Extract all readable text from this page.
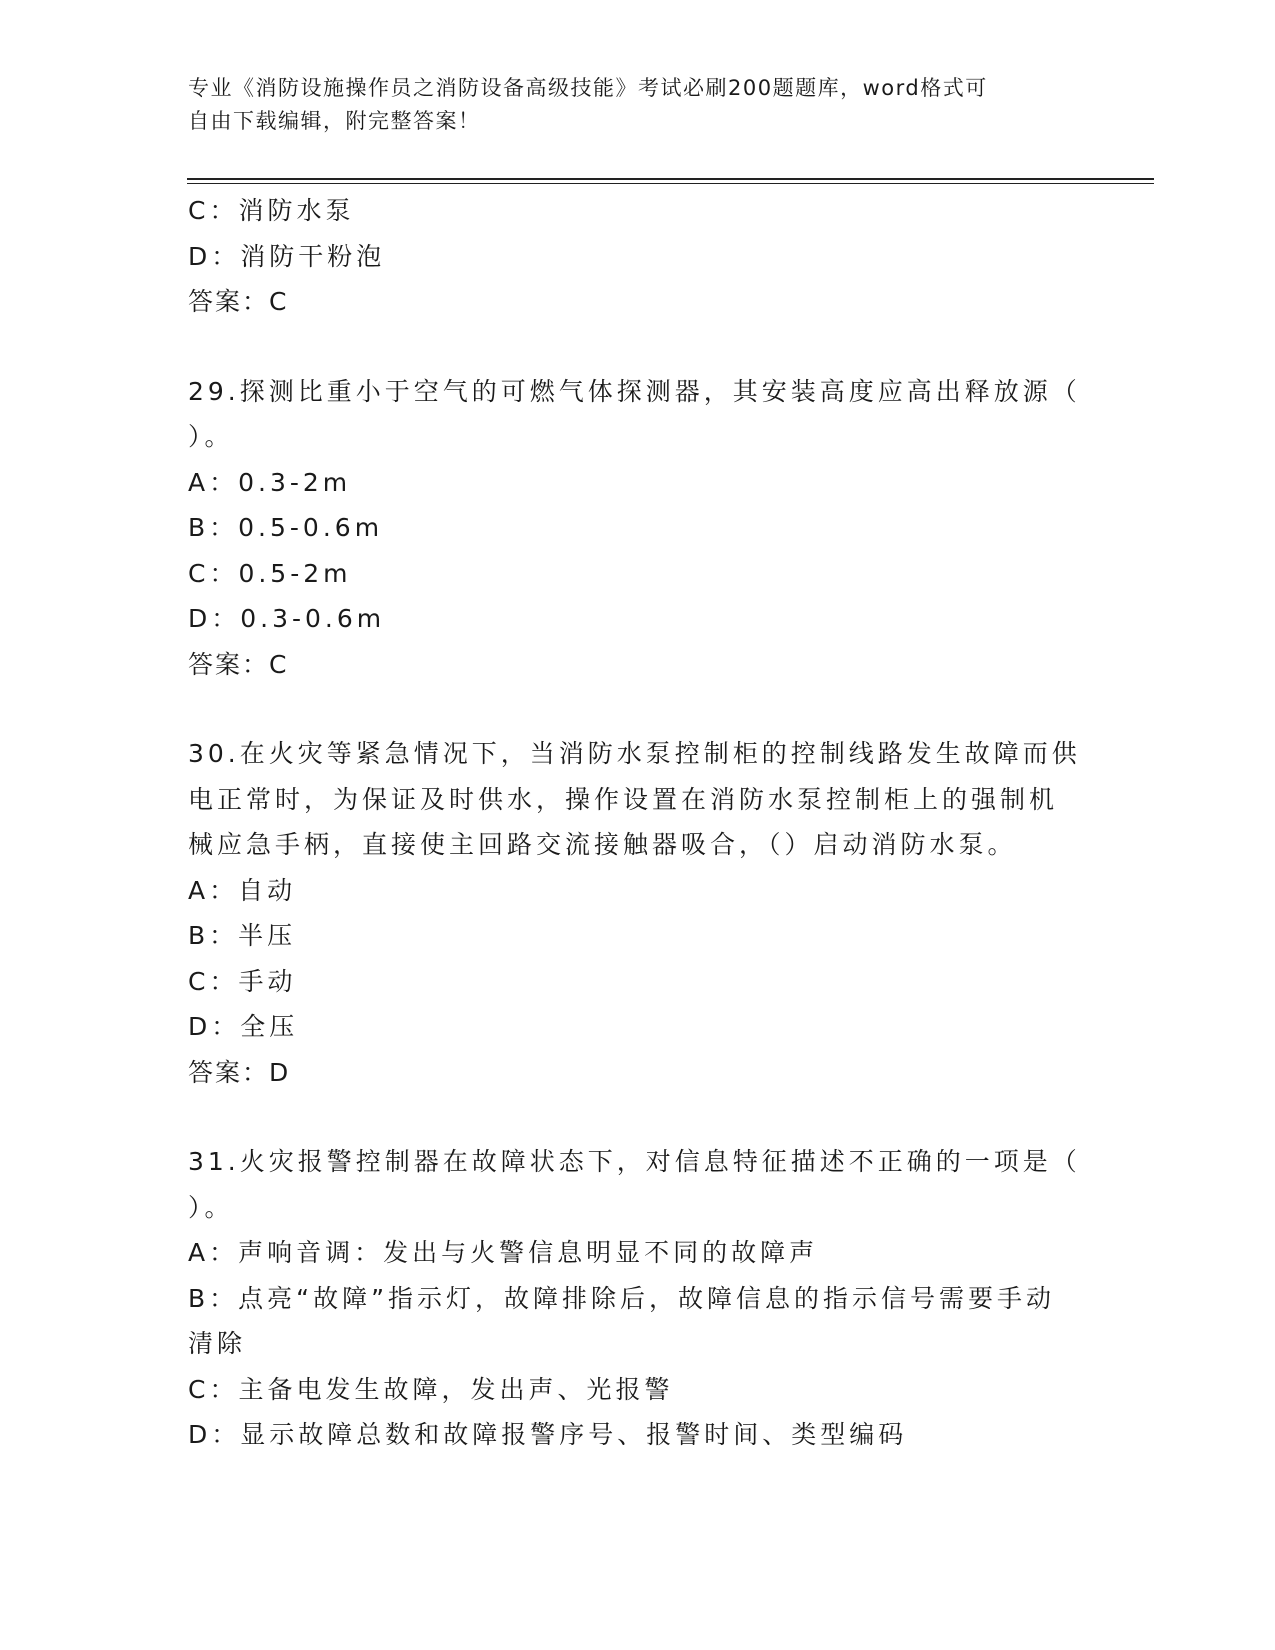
专业《消防设施操作员之消防设备高级技能》考试必刷200题题库，word格式可
自由下载编辑，附完整答案！
C：消防水泵
D：消防干粉泡
答案：C
29.探测比重小于空气的可燃气体探测器，其安装高度应高出释放源（
）。
A：0.3-2m
B：0.5-0.6m
C：0.5-2m
D：0.3-0.6m
答案：C
30.在火灾等紧急情况下，当消防水泵控制柜的控制线路发生故障而供
电正常时，为保证及时供水，操作设置在消防水泵控制柜上的强制机
械应急手柄，直接使主回路交流接触器吸合，（）启动消防水泵。
A：自动
B：半压
C：手动
D：全压
答案：D
31.火灾报警控制器在故障状态下，对信息特征描述不正确的一项是（
）。
A：声响音调：发出与火警信息明显不同的故障声
B：点亮“故障”指示灯，故障排除后，故障信息的指示信号需要手动
清除
C：主备电发生故障，发出声、光报警
D：显示故障总数和故障报警序号、报警时间、类型编码
